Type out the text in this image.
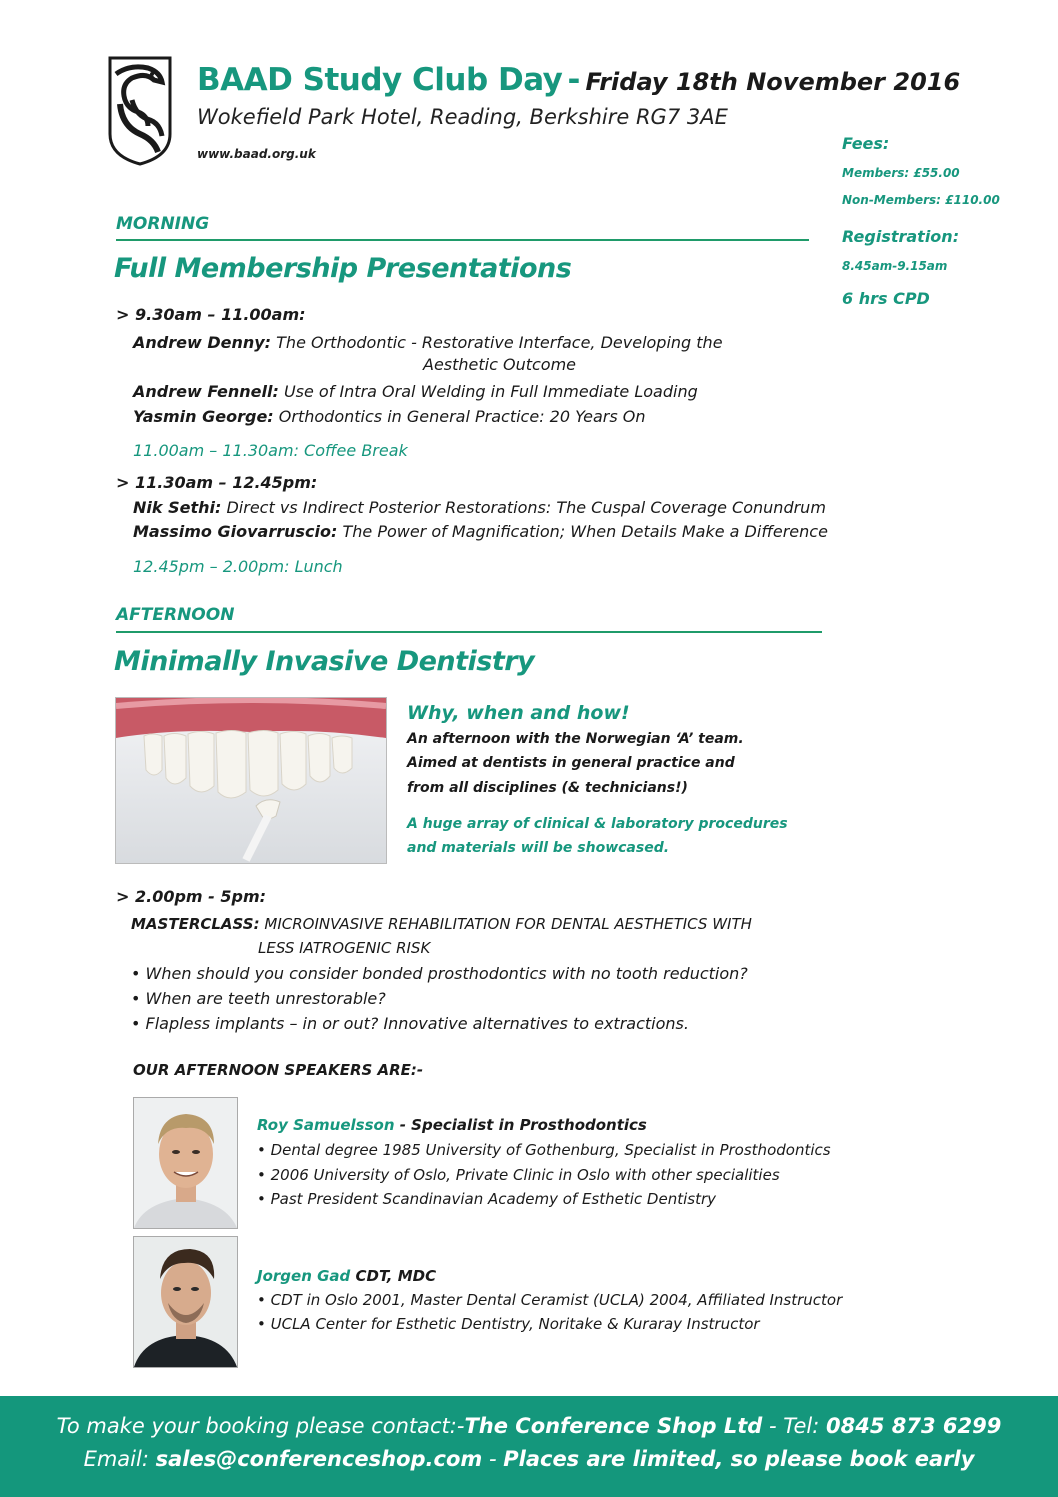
BAAD Study Club Day - Friday 18th November 2016
Wokefield Park Hotel, Reading, Berkshire RG7 3AE
www.baad.org.uk
Fees:
Members: £55.00
Non-Members: £110.00
Registration:
8.45am-9.15am
6 hrs CPD
MORNING
Full Membership Presentations
> 9.30am – 11.00am:
Andrew Denny: The Orthodontic - Restorative Interface, Developing the
Aesthetic Outcome
Andrew Fennell: Use of Intra Oral Welding in Full Immediate Loading
Yasmin George: Orthodontics in General Practice: 20 Years On
11.00am – 11.30am: Coffee Break
> 11.30am – 12.45pm:
Nik Sethi: Direct vs Indirect Posterior Restorations: The Cuspal Coverage Conundrum
Massimo Giovarruscio: The Power of Magnification; When Details Make a Difference
12.45pm – 2.00pm: Lunch
AFTERNOON
Minimally Invasive Dentistry
Why, when and how!
An afternoon with the Norwegian ‘A’ team.
Aimed at dentists in general practice and
from all disciplines (& technicians!)
A huge array of clinical & laboratory procedures
and materials will be showcased.
> 2.00pm - 5pm:
MASTERCLASS: MICROINVASIVE REHABILITATION FOR DENTAL AESTHETICS WITH
LESS IATROGENIC RISK
• When should you consider bonded prosthodontics with no tooth reduction?
• When are teeth unrestorable?
• Flapless implants – in or out? Innovative alternatives to extractions.
OUR AFTERNOON SPEAKERS ARE:-
Roy Samuelsson - Specialist in Prosthodontics
• Dental degree 1985 University of Gothenburg, Specialist in Prosthodontics
• 2006 University of Oslo, Private Clinic in Oslo with other specialities
• Past President Scandinavian Academy of Esthetic Dentistry
Jorgen Gad CDT, MDC
• CDT in Oslo 2001, Master Dental Ceramist (UCLA) 2004, Affiliated Instructor
• UCLA Center for Esthetic Dentistry, Noritake & Kuraray Instructor
To make your booking please contact:-The Conference Shop Ltd - Tel: 0845 873 6299
Email: sales@conferenceshop.com - Places are limited, so please book early
